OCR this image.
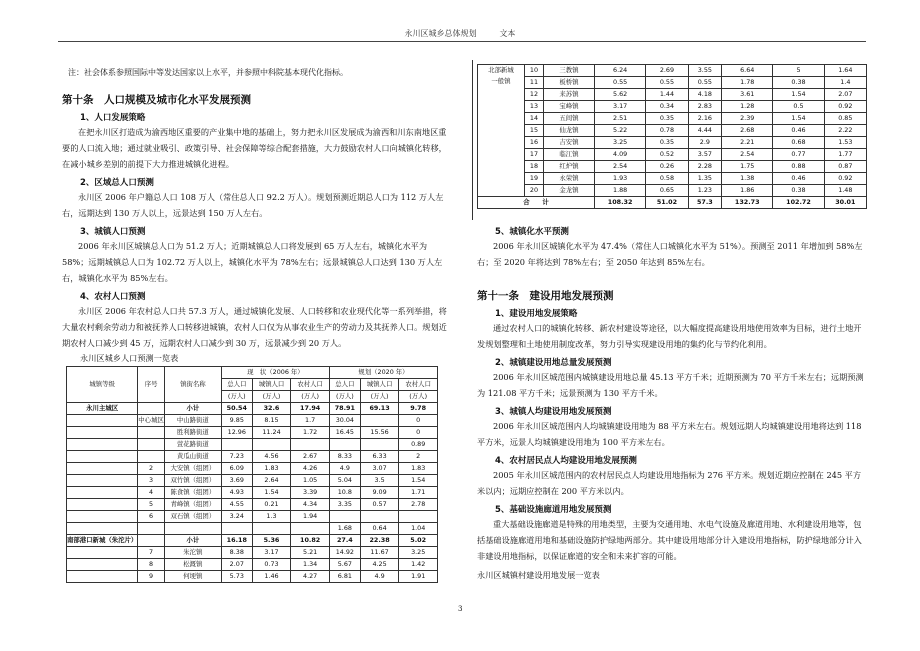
永川区城乡总体规划	文本
注：社会体系参照国际中等发达国家以上水平，并参照中科院基本现代化指标。
第十条　人口规模及城市化水平发展预测
1、人口发展策略
在把永川区打造成为渝西地区重要的产业集中地的基础上，努力把永川区发展成为渝西和川东南地区重要的人口流入地；通过就业吸引、政策引导、社会保障等综合配套措施，大力鼓励农村人口向城镇化转移，在减小城乡差别的前提下大力推进城镇化进程。
2、区域总人口预测
永川区 2006 年户籍总人口 108 万人（常住总人口 92.2 万人）。规划预测近期总人口为 112 万人左右，远期达到 130 万人以上，远景达到 150 万人左右。
3、城镇人口预测
2006 年永川区城镇总人口为 51.2 万人；近期城镇总人口将发展到 65 万人左右，城镇化水平为 58%；远期城镇总人口为 102.72 万人以上，城镇化水平为 78%左右；远景城镇总人口达到 130 万人左右，城镇化水平为 85%左右。
4、农村人口预测
永川区 2006 年农村总人口共 57.3 万人，通过城镇化发展、人口转移和农业现代化等一系列举措，将大量农村剩余劳动力和被抚养人口转移进城镇，农村人口仅为从事农业生产的劳动力及其抚养人口。规划近期农村人口减少到 45 万，远期农村人口减少到 30 万，远景减少到 20 万人。
永川区城乡人口预测一览表
城镇等级	序号	镇街名称	现　状（2006 年）			规划（2020 年）		
			总人口	城镇人口	农村人口	总人口	城镇人口	农村人口
			(万人)	(万人)	(万人)	(万人)	(万人)	(万人)
永川主城区		小计	50.54	32.6	17.94	78.91	69.13	9.78
	中心城区	中山路街道	9.85	8.15	1.7	30.04		0
		胜利路街道	12.96	11.24	1.72	16.45	15.56	0
		萱花路街道						0.89
		黄瓜山街道	7.23	4.56	2.67	8.33	6.33	2
	2	大安镇（组团）	6.09	1.83	4.26	4.9	3.07	1.83
	3	双竹镇（组团）	3.69	2.64	1.05	5.04	3.5	1.54
	4	陈食镇（组团）	4.93	1.54	3.39	10.8	9.09	1.71
	5	青峰镇（组团）	4.55	0.21	4.34	3.35	0.57	2.78
	6	双石镇（组团）	3.24	1.3	1.94			
						1.68	0.64	1.04
南部港口新城（朱沱片）		小计	16.18	5.36	10.82	27.4	22.38	5.02
	7	朱沱镇	8.38	3.17	5.21	14.92	11.67	3.25
	8	松溉镇	2.07	0.73	1.34	5.67	4.25	1.42
	9	何埂镇	5.73	1.46	4.27	6.81	4.9	1.91
北部新城
一般镇	10	三教镇	6.24	2.69	3.55	6.64	5	1.64
	11	板桥镇	0.55	0.55	0.55	1.78	0.38	1.4
	12	来苏镇	5.62	1.44	4.18	3.61	1.54	2.07
	13	宝峰镇	3.17	0.34	2.83	1.28	0.5	0.92
	14	五间镇	2.51	0.35	2.16	2.39	1.54	0.85
	15	仙龙镇	5.22	0.78	4.44	2.68	0.46	2.22
	16	吉安镇	3.25	0.35	2.9	2.21	0.68	1.53
	17	临江镇	4.09	0.52	3.57	2.54	0.77	1.77
	18	红炉镇	2.54	0.26	2.28	1.75	0.88	0.87
	19	永荣镇	1.93	0.58	1.35	1.38	0.46	0.92
	20	金龙镇	1.88	0.65	1.23	1.86	0.38	1.48
合　　计			108.32	51.02	57.3	132.73	102.72	30.01
5、城镇化水平预测
2006 年永川区城镇化水平为 47.4%（常住人口城镇化水平为 51%）。预测至 2011 年增加到 58%左右；至 2020 年将达到 78%左右；至 2050 年达到 85%左右。
第十一条　建设用地发展预测
1、建设用地发展策略
通过农村人口的城镇化转移、新农村建设等途径，以大幅度提高建设用地使用效率为目标，进行土地开发规划整理和土地使用制度改革，努力引导实现建设用地的集约化与节约化利用。
2、城镇建设用地总量发展预测
2006 年永川区城范围内城镇建设用地总量 45.13 平方千米；近期预测为 70 平方千米左右；远期预测为 121.08 平方千米；远景预测为 130 平方千米。
3、城镇人均建设用地发展预测
2006 年永川区城范围内人均城镇建设用地为 88 平方米左右。规划远期人均城镇建设用地将达到 118 平方米，远景人均城镇建设用地为 100 平方米左右。
4、农村居民点人均建设用地发展预测
2005 年永川区城范围内的农村居民点人均建设用地指标为 276 平方米。规划近期应控制在 245 平方米以内；远期应控制在 200 平方米以内。
5、基础设施廊道用地发展预测
重大基础设施廊道是特殊的用地类型，主要为交通用地、水电气设施及廊道用地、水利建设用地等，包括基础设施廊道用地和基础设施防护绿地两部分。其中建设用地部分计入建设用地指标，防护绿地部分计入非建设用地指标，以保证廊道的安全和未来扩容的可能。
永川区城镇村建设用地发展一览表
3
